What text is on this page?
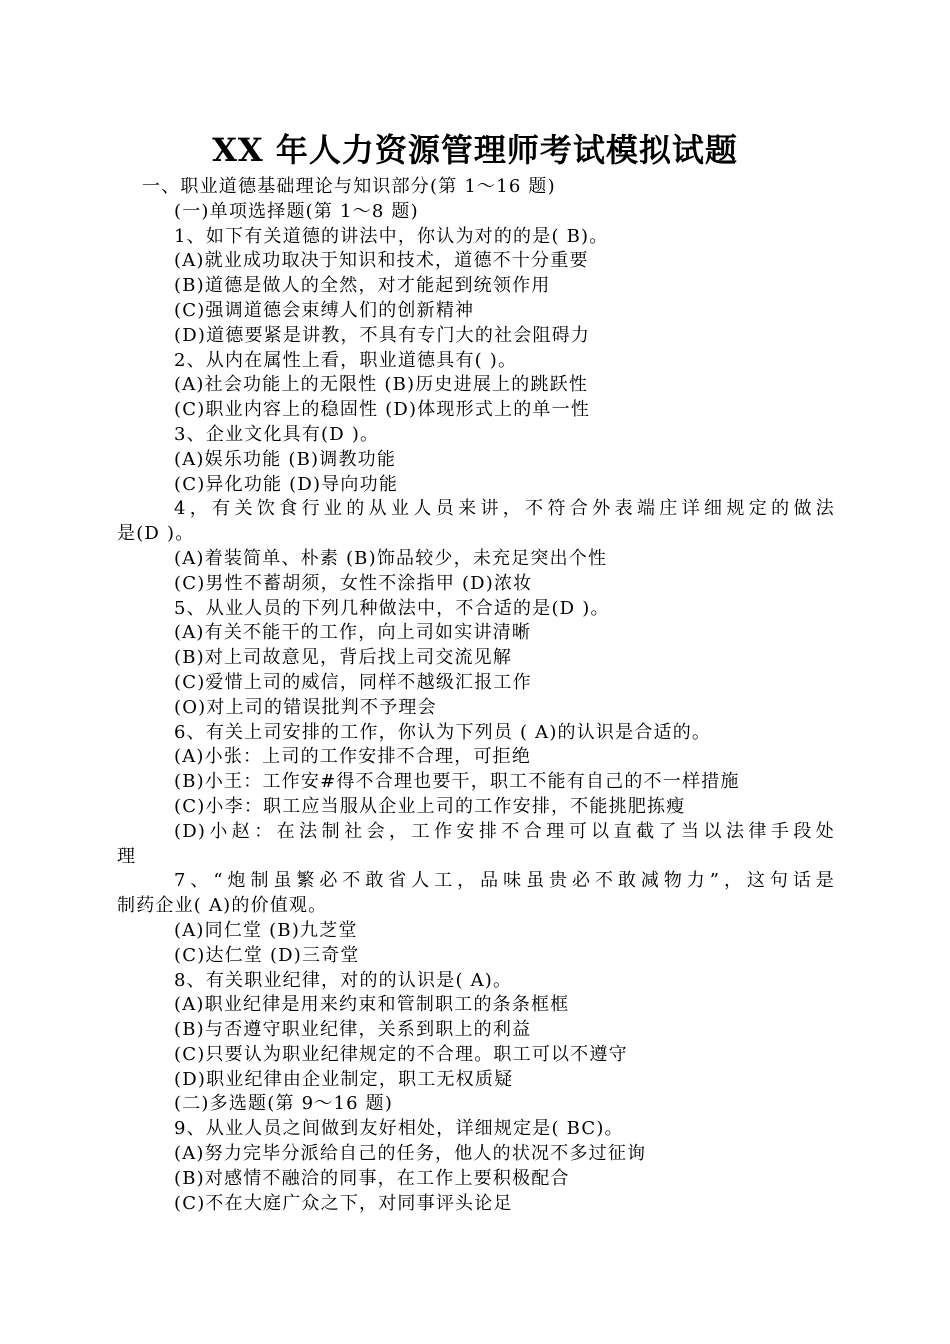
XX 年人力资源管理师考试模拟试题
一、职业道德基础理论与知识部分(第 1～16 题)
(一)单项选择题(第 1～8 题)
1、如下有关道德的讲法中，你认为对的的是( B)。
(A)就业成功取决于知识和技术，道德不十分重要
(B)道德是做人的全然，对才能起到统领作用
(C)强调道德会束缚人们的创新精神
(D)道德要紧是讲教，不具有专门大的社会阻碍力
2、从内在属性上看，职业道德具有( )。
(A)社会功能上的无限性 (B)历史进展上的跳跃性
(C)职业内容上的稳固性 (D)体现形式上的单一性
3、企业文化具有(D )。
(A)娱乐功能 (B)调教功能
(C)异化功能 (D)导向功能
4，有关饮食行业的从业人员来讲，不符合外表端庄详细规定的做法
是(D )。
(A)着装简单、朴素 (B)饰品较少，未充足突出个性
(C)男性不蓄胡须，女性不涂指甲 (D)浓妆
5、从业人员的下列几种做法中，不合适的是(D )。
(A)有关不能干的工作，向上司如实讲清晰
(B)对上司故意见，背后找上司交流见解
(C)爱惜上司的威信，同样不越级汇报工作
(O)对上司的错误批判不予理会
6、有关上司安排的工作，你认为下列员 ( A)的认识是合适的。
(A)小张：上司的工作安排不合理，可拒绝
(B)小王：工作安#得不合理也要干，职工不能有自己的不一样措施
(C)小李：职工应当服从企业上司的工作安排，不能挑肥拣瘦
(D)小赵：在法制社会，工作安排不合理可以直截了当以法律手段处
理
7、“炮制虽繁必不敢省人工，品味虽贵必不敢减物力”，这句话是
制药企业( A)的价值观。
(A)同仁堂 (B)九芝堂
(C)达仁堂 (D)三奇堂
8、有关职业纪律，对的的认识是( A)。
(A)职业纪律是用来约束和管制职工的条条框框
(B)与否遵守职业纪律，关系到职上的利益
(C)只要认为职业纪律规定的不合理。职工可以不遵守
(D)职业纪律由企业制定，职工无权质疑
(二)多选题(第 9～16 题)
9、从业人员之间做到友好相处，详细规定是( BC)。
(A)努力完毕分派给自己的任务，他人的状况不多过征询
(B)对感情不融洽的同事，在工作上要积极配合
(C)不在大庭广众之下，对同事评头论足
